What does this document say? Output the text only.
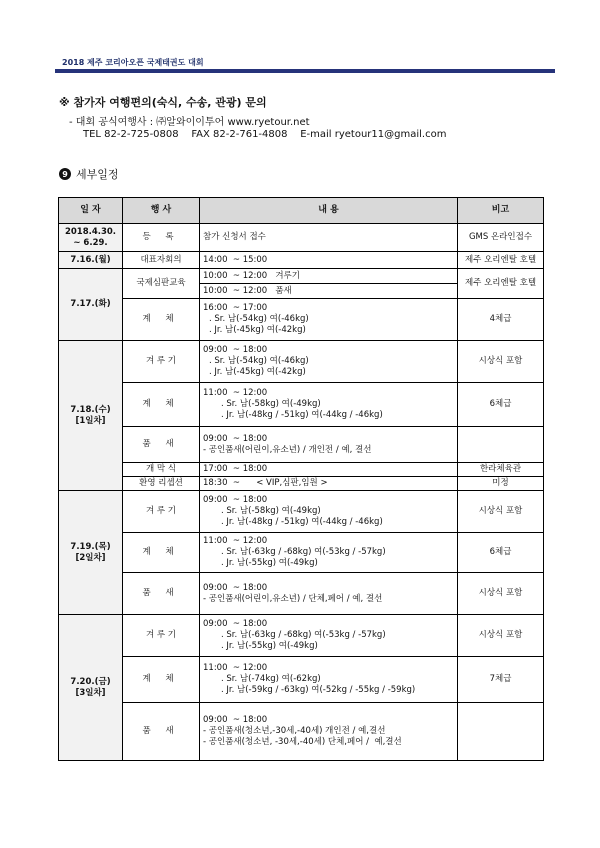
2018 제주 코리아오픈 국제태권도 대회
※ 참가자 여행편의(숙식, 수송, 관광) 문의
- 대회 공식여행사 : ㈜알와이이투어 www.ryetour.net
TEL 82-2-725-0808    FAX 82-2-761-4808    E-mail ryetour11@gmail.com
9 세부일정
일 자	행 사	내 용	비고

2018.4.30.
~ 6.29.	등 록	참가 신청서 접수	GMS 온라인접수
7.16.(월)	대표자회의	14:00  ~ 15:00	제주 오리엔탈 호텔
7.17.(화)	국제심판교육	10:00  ~ 12:00   겨루기	제주 오리엔탈 호텔

		10:00  ~ 12:00   품새	

	계 체	16:00  ~ 17:00
. Sr. 남(-54kg) 여(-46kg)
. Jr. 남(-45kg) 여(-42kg)	4체급

7.18.(수)
[1일차]	겨 루 기	09:00  ~ 18:00
. Sr. 남(-54kg) 여(-46kg)
. Jr. 남(-45kg) 여(-42kg)	시상식 포함
	계 체	11:00  ~ 12:00
. Sr. 남(-58kg) 여(-49kg)
. Jr. 남(-48kg / -51kg) 여(-44kg / -46kg)	6체급
	품 새	09:00  ~ 18:00
- 공인품새(어린이,유소년) / 개인전 / 예, 결선	

	개 막 식	17:00  ~ 18:00	한라체육관
	환영 리셉션	18:30  ~      < VIP,심판,임원 >	미정

7.19.(목)
[2일차]	겨 루 기	09:00  ~ 18:00
. Sr. 남(-58kg) 여(-49kg)
. Jr. 남(-48kg / -51kg) 여(-44kg / -46kg)	시상식 포함
	계 체	11:00  ~ 12:00
. Sr. 남(-63kg / -68kg) 여(-53kg / -57kg)
. Jr. 남(-55kg) 여(-49kg)	6체급
	품 새	09:00  ~ 18:00
- 공인품새(어린이,유소년) / 단체,페어 / 예, 결선	시상식 포함

7.20.(금)
[3일차]	겨 루 기	09:00  ~ 18:00
. Sr. 남(-63kg / -68kg) 여(-53kg / -57kg)
. Jr. 남(-55kg) 여(-49kg)	시상식 포함
	계 체	11:00  ~ 12:00
. Sr. 남(-74kg) 여(-62kg)
. Jr. 남(-59kg / -63kg) 여(-52kg / -55kg / -59kg)	7체급
	품 새	09:00  ~ 18:00
- 공인품새(청소년,-30세,-40세) 개인전 / 예,결선
- 공인품새(청소년, -30세,-40세) 단체,페어 /  예,결선	
